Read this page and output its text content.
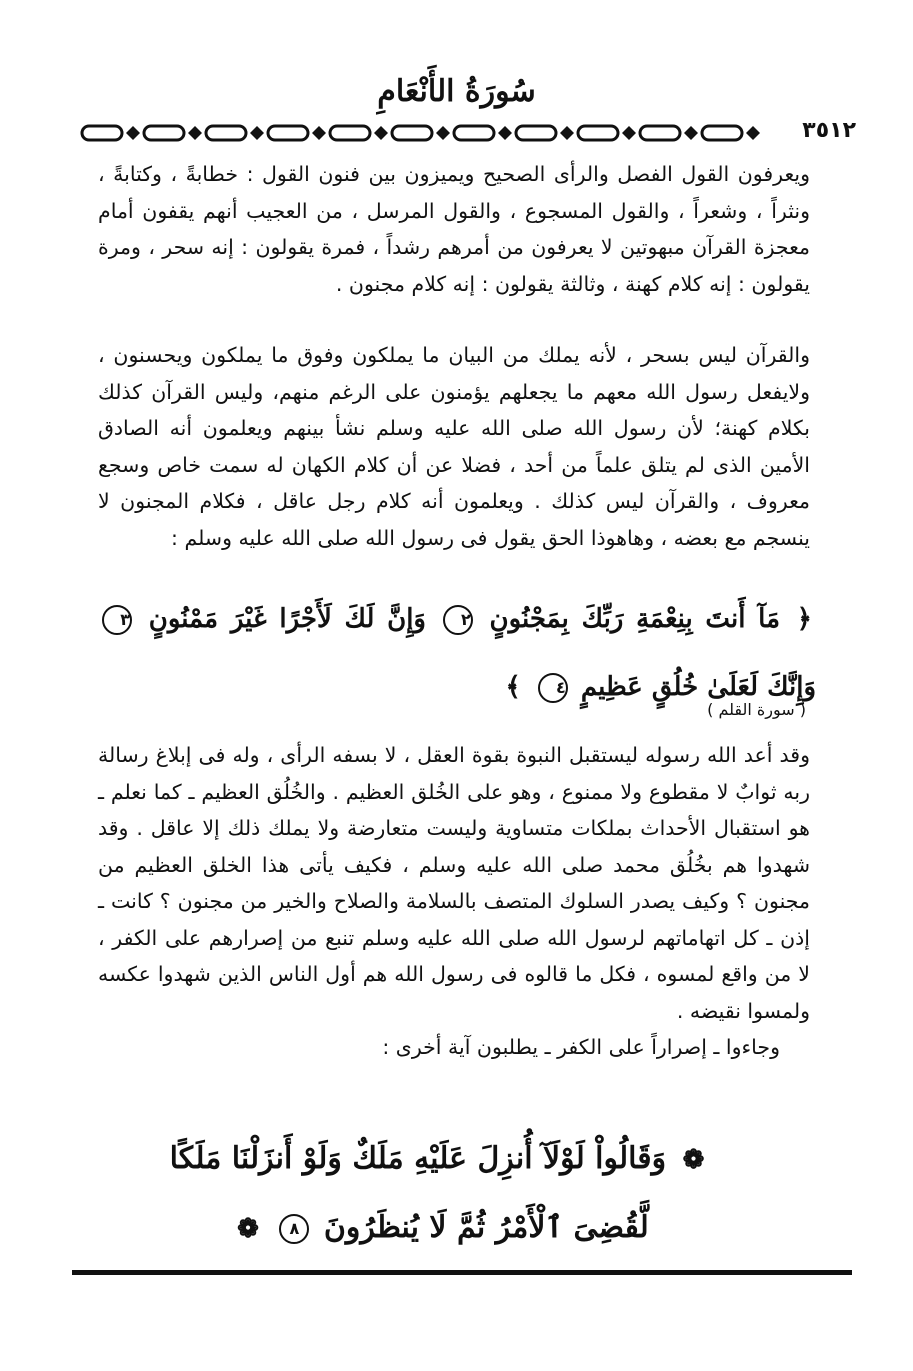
سُورَةُ الأَنْعَامِ
٣٥١٢

ويعرفون القول الفصل والرأى الصحيح ويميزون بين فنون القول : خطابةً ، وكتابةً ، ونثراً ، وشعراً ، والقول المسجوع ، والقول المرسل ، من العجيب أنهم يقفون أمام معجزة القرآن مبهوتين لا يعرفون من أمرهم رشداً ، فمرة يقولون : إنه سحر ، ومرة يقولون : إنه كلام كهنة ، وثالثة يقولون : إنه كلام مجنون .

والقرآن ليس بسحر ، لأنه يملك من البيان ما يملكون وفوق ما يملكون ويحسنون ، ولايفعل رسول الله معهم ما يجعلهم يؤمنون على الرغم منهم، وليس القرآن كذلك بكلام كهنة؛ لأن رسول الله صلى الله عليه وسلم نشأ بينهم ويعلمون أنه الصادق الأمين الذى لم يتلق علماً من أحد ، فضلا عن أن كلام الكهان له سمت خاص وسجع معروف ، والقرآن ليس كذلك . ويعلمون أنه كلام رجل عاقل ، فكلام المجنون لا ينسجم مع بعضه ، وهاهوذا الحق يقول فى رسول الله صلى الله عليه وسلم :

﴿ مَآ أَنتَ بِنِعْمَةِ رَبِّكَ بِمَجْنُونٍ ٢ وَإِنَّ لَكَ لَأَجْرًا غَيْرَ مَمْنُونٍ ٣ وَإِنَّكَ لَعَلَىٰ خُلُقٍ عَظِيمٍ ٤ ﴾
( سورة القلم )

وقد أعد الله رسوله ليستقبل النبوة بقوة العقل ، لا بسفه الرأى ، وله فى إبلاغ رسالة ربه ثوابٌ لا مقطوع ولا ممنوع ، وهو على الخُلق العظيم . والخُلُق العظيم ـ كما نعلم ـ هو استقبال الأحداث بملكات متساوية وليست متعارضة ولا يملك ذلك إلا عاقل . وقد شهدوا هم بخُلُق محمد صلى الله عليه وسلم ، فكيف يأتى هذا الخلق العظيم من مجنون ؟ وكيف يصدر السلوك المتصف بالسلامة والصلاح والخير من مجنون ؟ كانت ـ إذن ـ كل اتهاماتهم لرسول الله صلى الله عليه وسلم تنبع من إصرارهم على الكفر ، لا من واقع لمسوه ، فكل ما قالوه فى رسول الله هم أول الناس الذين شهدوا عكسه ولمسوا نقيضه .

وجاءوا ـ إصراراً على الكفر ـ يطلبون آية أخرى :

❁ وَقَالُواْ لَوْلَآ أُنزِلَ عَلَيْهِ مَلَكٌ وَلَوْ أَنزَلْنَا مَلَكًا لَّقُضِىَ ٱلْأَمْرُ ثُمَّ لَا يُنظَرُونَ ٨ ❁
